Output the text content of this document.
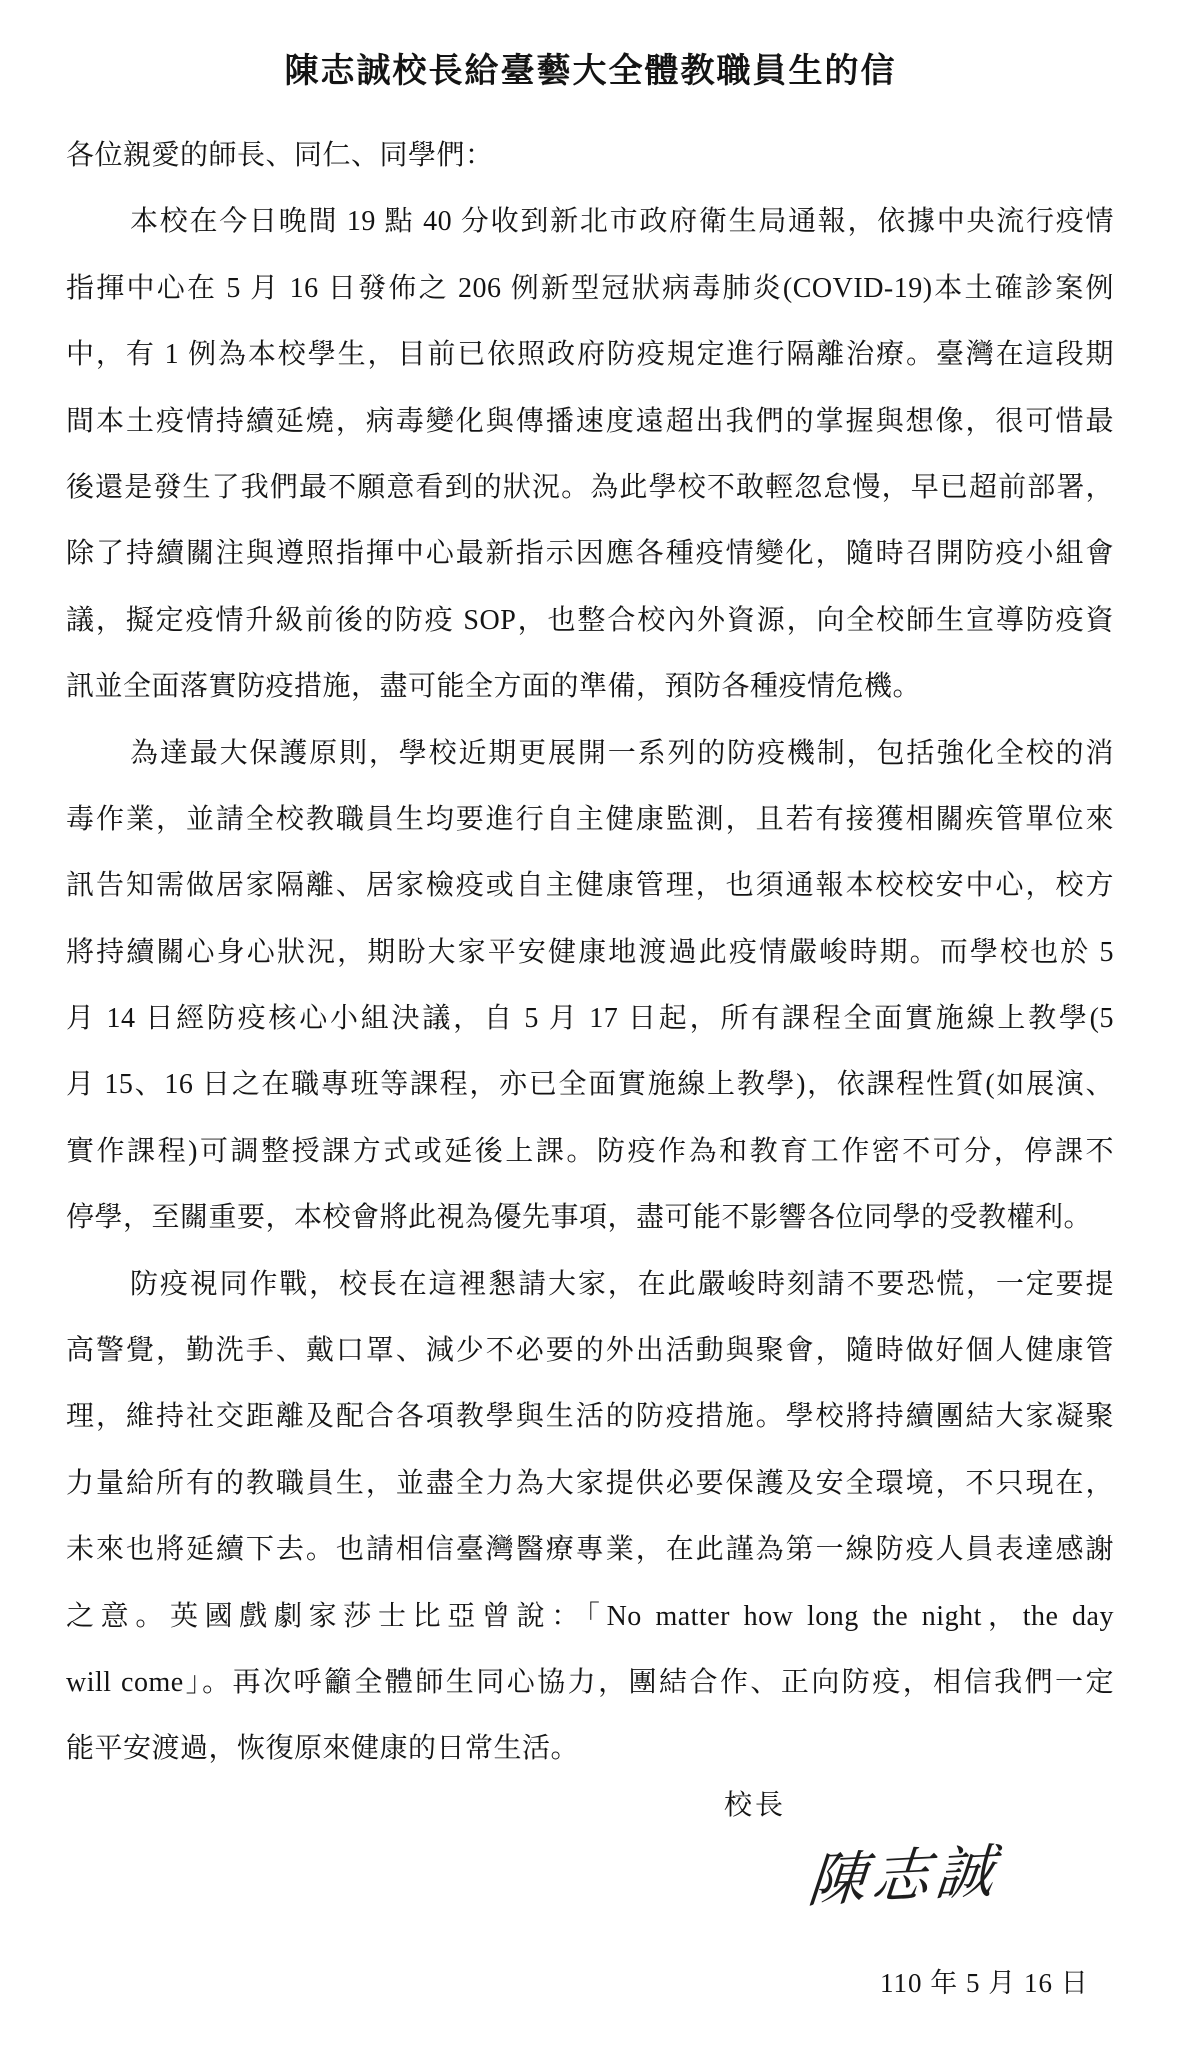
陳志誠校長給臺藝大全體教職員生的信
各位親愛的師長、同仁、同學們：
本校在今日晚間 19 點 40 分收到新北市政府衛生局通報，依據中央流行疫情
指揮中心在 5 月 16 日發佈之 206 例新型冠狀病毒肺炎(COVID-19)本土確診案例
中，有 1 例為本校學生，目前已依照政府防疫規定進行隔離治療。臺灣在這段期
間本土疫情持續延燒，病毒變化與傳播速度遠超出我們的掌握與想像，很可惜最
後還是發生了我們最不願意看到的狀況。為此學校不敢輕忽怠慢，早已超前部署，
除了持續關注與遵照指揮中心最新指示因應各種疫情變化，隨時召開防疫小組會
議，擬定疫情升級前後的防疫 SOP，也整合校內外資源，向全校師生宣導防疫資
訊並全面落實防疫措施，盡可能全方面的準備，預防各種疫情危機。
為達最大保護原則，學校近期更展開一系列的防疫機制，包括強化全校的消
毒作業，並請全校教職員生均要進行自主健康監測，且若有接獲相關疾管單位來
訊告知需做居家隔離、居家檢疫或自主健康管理，也須通報本校校安中心，校方
將持續關心身心狀況，期盼大家平安健康地渡過此疫情嚴峻時期。而學校也於 5
月 14 日經防疫核心小組決議，自 5 月 17 日起，所有課程全面實施線上教學(5
月 15、16 日之在職專班等課程，亦已全面實施線上教學)，依課程性質(如展演、
實作課程)可調整授課方式或延後上課。防疫作為和教育工作密不可分，停課不
停學，至關重要，本校會將此視為優先事項，盡可能不影響各位同學的受教權利。
防疫視同作戰，校長在這裡懇請大家，在此嚴峻時刻請不要恐慌，一定要提
高警覺，勤洗手、戴口罩、減少不必要的外出活動與聚會，隨時做好個人健康管
理，維持社交距離及配合各項教學與生活的防疫措施。學校將持續團結大家凝聚
力量給所有的教職員生，並盡全力為大家提供必要保護及安全環境，不只現在，
未來也將延續下去。也請相信臺灣醫療專業，在此謹為第一線防疫人員表達感謝
之意。英國戲劇家莎士比亞曾說：「No matter how long the night，the day
will come」。再次呼籲全體師生同心協力，團結合作、正向防疫，相信我們一定
能平安渡過，恢復原來健康的日常生活。
校長
陳志誠
110 年 5 月 16 日
